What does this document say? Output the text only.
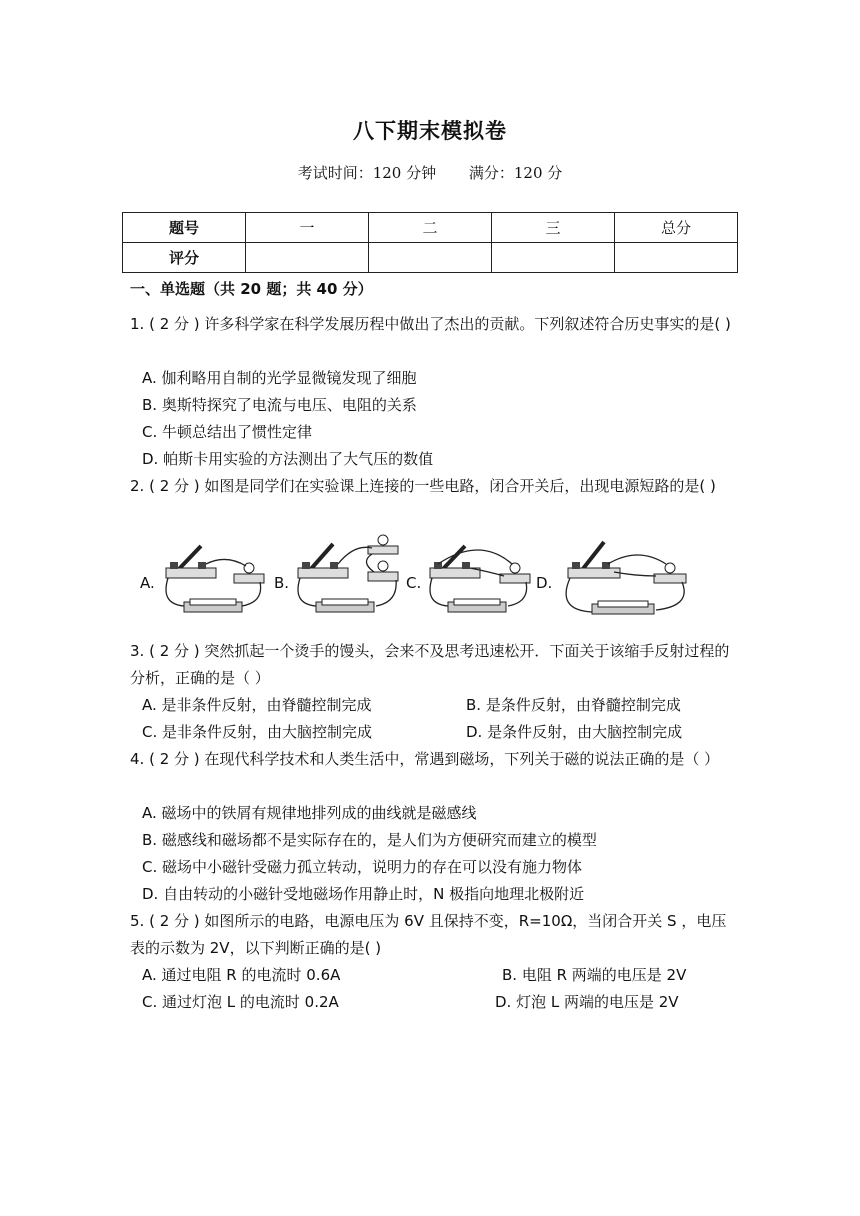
八下期末模拟卷
考试时间：120 分钟 满分：120 分
题号	一	二	三	总分
评分				
一、单选题（共 20 题；共 40 分）
1. ( 2 分 ) 许多科学家在科学发展历程中做出了杰出的贡献。下列叙述符合历史事实的是( )
A. 伽利略用自制的光学显微镜发现了细胞
B. 奥斯特探究了电流与电压、电阻的关系
C. 牛顿总结出了惯性定律
D. 帕斯卡用实验的方法测出了大气压的数值
2. ( 2 分 ) 如图是同学们在实验课上连接的一些电路，闭合开关后，出现电源短路的是( )
A.	B.	C.	D.
3. ( 2 分 ) 突然抓起一个烫手的馒头，会来不及思考迅速松开．下面关于该缩手反射过程的分析，正确的是（ ）
A. 是非条件反射，由脊髓控制完成	B. 是条件反射，由脊髓控制完成
C. 是非条件反射，由大脑控制完成	D. 是条件反射，由大脑控制完成
4. ( 2 分 ) 在现代科学技术和人类生活中，常遇到磁场，下列关于磁的说法正确的是（ ）
A. 磁场中的铁屑有规律地排列成的曲线就是磁感线
B. 磁感线和磁场都不是实际存在的，是人们为方便研究而建立的模型
C. 磁场中小磁针受磁力孤立转动，说明力的存在可以没有施力物体
D. 自由转动的小磁针受地磁场作用静止时，N 极指向地理北极附近
5. ( 2 分 ) 如图所示的电路，电源电压为 6V 且保持不变，R=10Ω，当闭合开关 S ，电压表的示数为 2V，以下判断正确的是( )
A. 通过电阻 R 的电流时 0.6A	B. 电阻 R 两端的电压是 2V
C. 通过灯泡 L 的电流时 0.2A	D. 灯泡 L 两端的电压是 2V
